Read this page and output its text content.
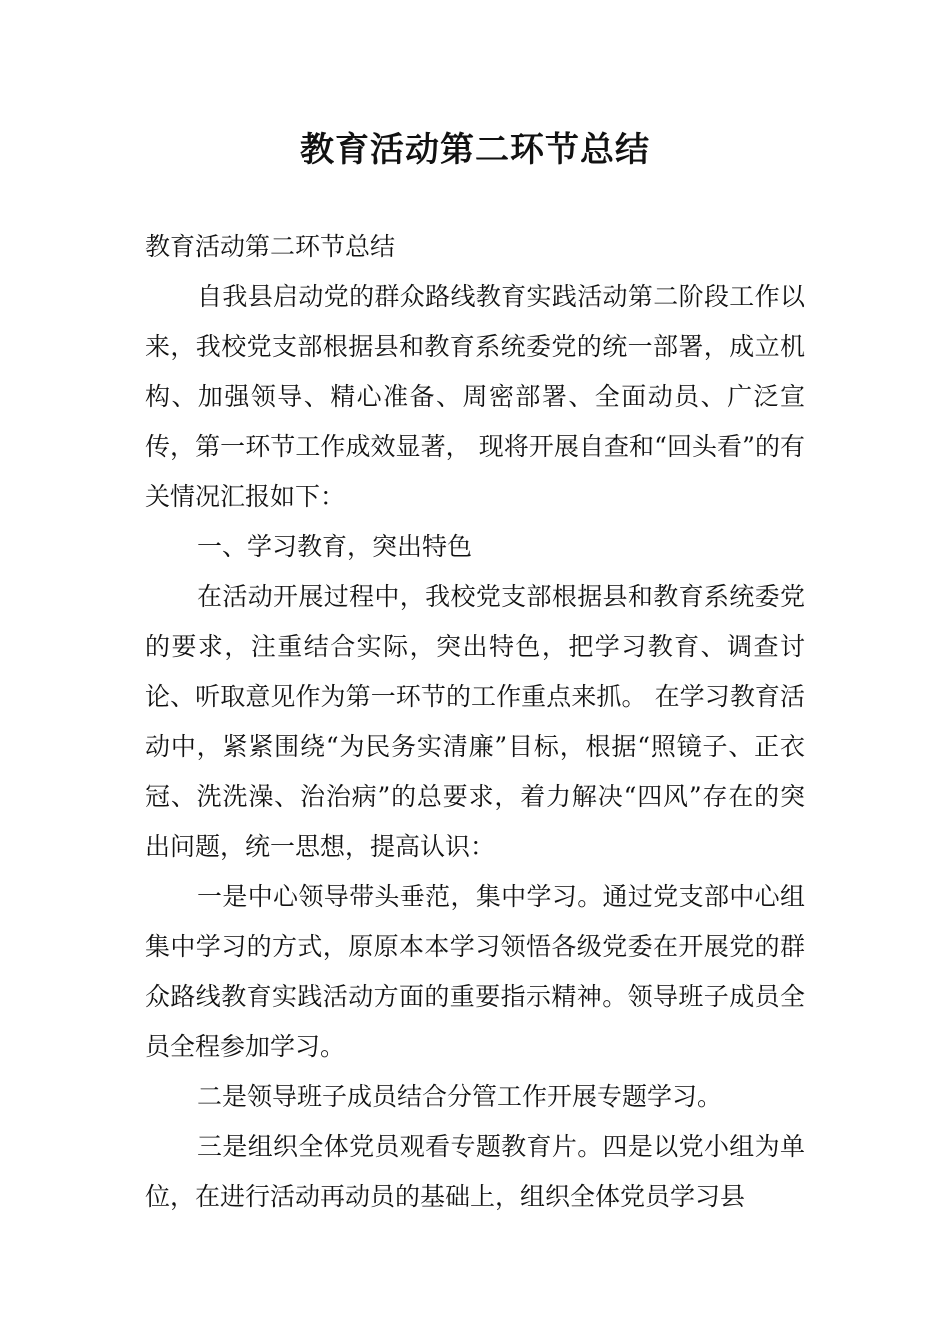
教育活动第二环节总结

教育活动第二环节总结

自我县启动党的群众路线教育实践活动第二阶段工作以来，我校党支部根据县和教育系统委党的统一部署，成立机构、加强领导、精心准备、周密部署、全面动员、广泛宣传，第一环节工作成效显著， 现将开展自查和“回头看”的有关情况汇报如下：

一、学习教育，突出特色

在活动开展过程中，我校党支部根据县和教育系统委党的要求，注重结合实际，突出特色，把学习教育、调查讨论、听取意见作为第一环节的工作重点来抓。 在学习教育活动中，紧紧围绕“为民务实清廉”目标，根据“照镜子、正衣冠、洗洗澡、治治病”的总要求，着力解决“四风”存在的突出问题，统一思想，提高认识：

一是中心领导带头垂范，集中学习。通过党支部中心组集中学习的方式，原原本本学习领悟各级党委在开展党的群 众路线教育实践活动方面的重要指示精神。领导班子成员全员全程参加学习。

二是领导班子成员结合分管工作开展专题学习。

三是组织全体党员观看专题教育片。四是以党小组为单位，在进行活动再动员的基础上，组织全体党员学习县
